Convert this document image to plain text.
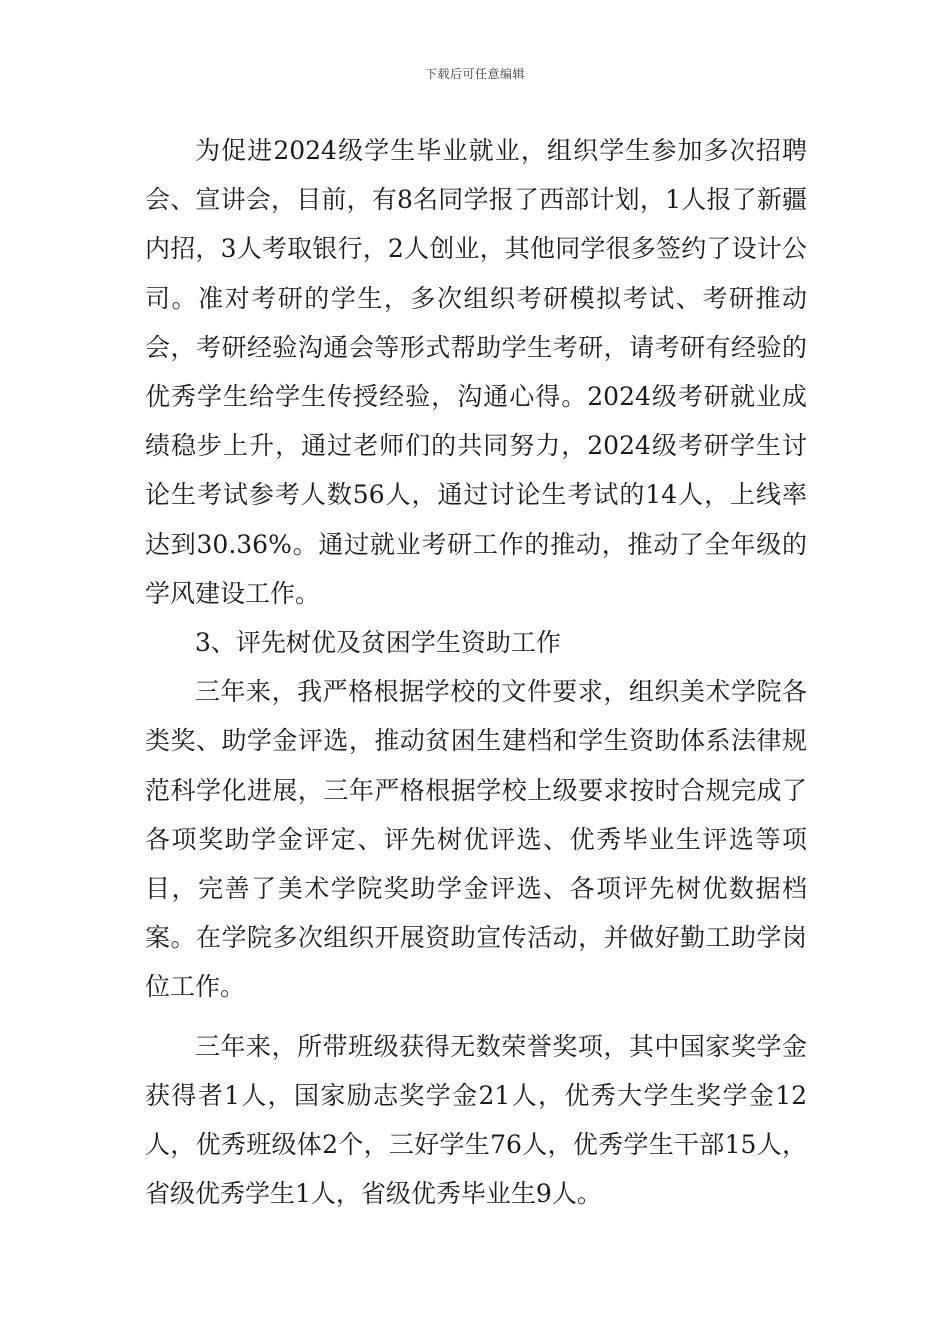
下载后可任意编辑

为促进2024级学生毕业就业，组织学生参加多次招聘会、宣讲会，目前，有8名同学报了西部计划，1人报了新疆内招，3人考取银行，2人创业，其他同学很多签约了设计公司。准对考研的学生，多次组织考研模拟考试、考研推动会，考研经验沟通会等形式帮助学生考研，请考研有经验的优秀学生给学生传授经验，沟通心得。2024级考研就业成绩稳步上升，通过老师们的共同努力，2024级考研学生讨论生考试参考人数56人，通过讨论生考试的14人，上线率达到30.36%。通过就业考研工作的推动，推动了全年级的学风建设工作。

3、评先树优及贫困学生资助工作

三年来，我严格根据学校的文件要求，组织美术学院各类奖、助学金评选，推动贫困生建档和学生资助体系法律规范科学化进展，三年严格根据学校上级要求按时合规完成了各项奖助学金评定、评先树优评选、优秀毕业生评选等项目，完善了美术学院奖助学金评选、各项评先树优数据档案。在学院多次组织开展资助宣传活动，并做好勤工助学岗位工作。

三年来，所带班级获得无数荣誉奖项，其中国家奖学金获得者1人，国家励志奖学金21人，优秀大学生奖学金12人，优秀班级体2个，三好学生76人，优秀学生干部15人，省级优秀学生1人，省级优秀毕业生9人。
